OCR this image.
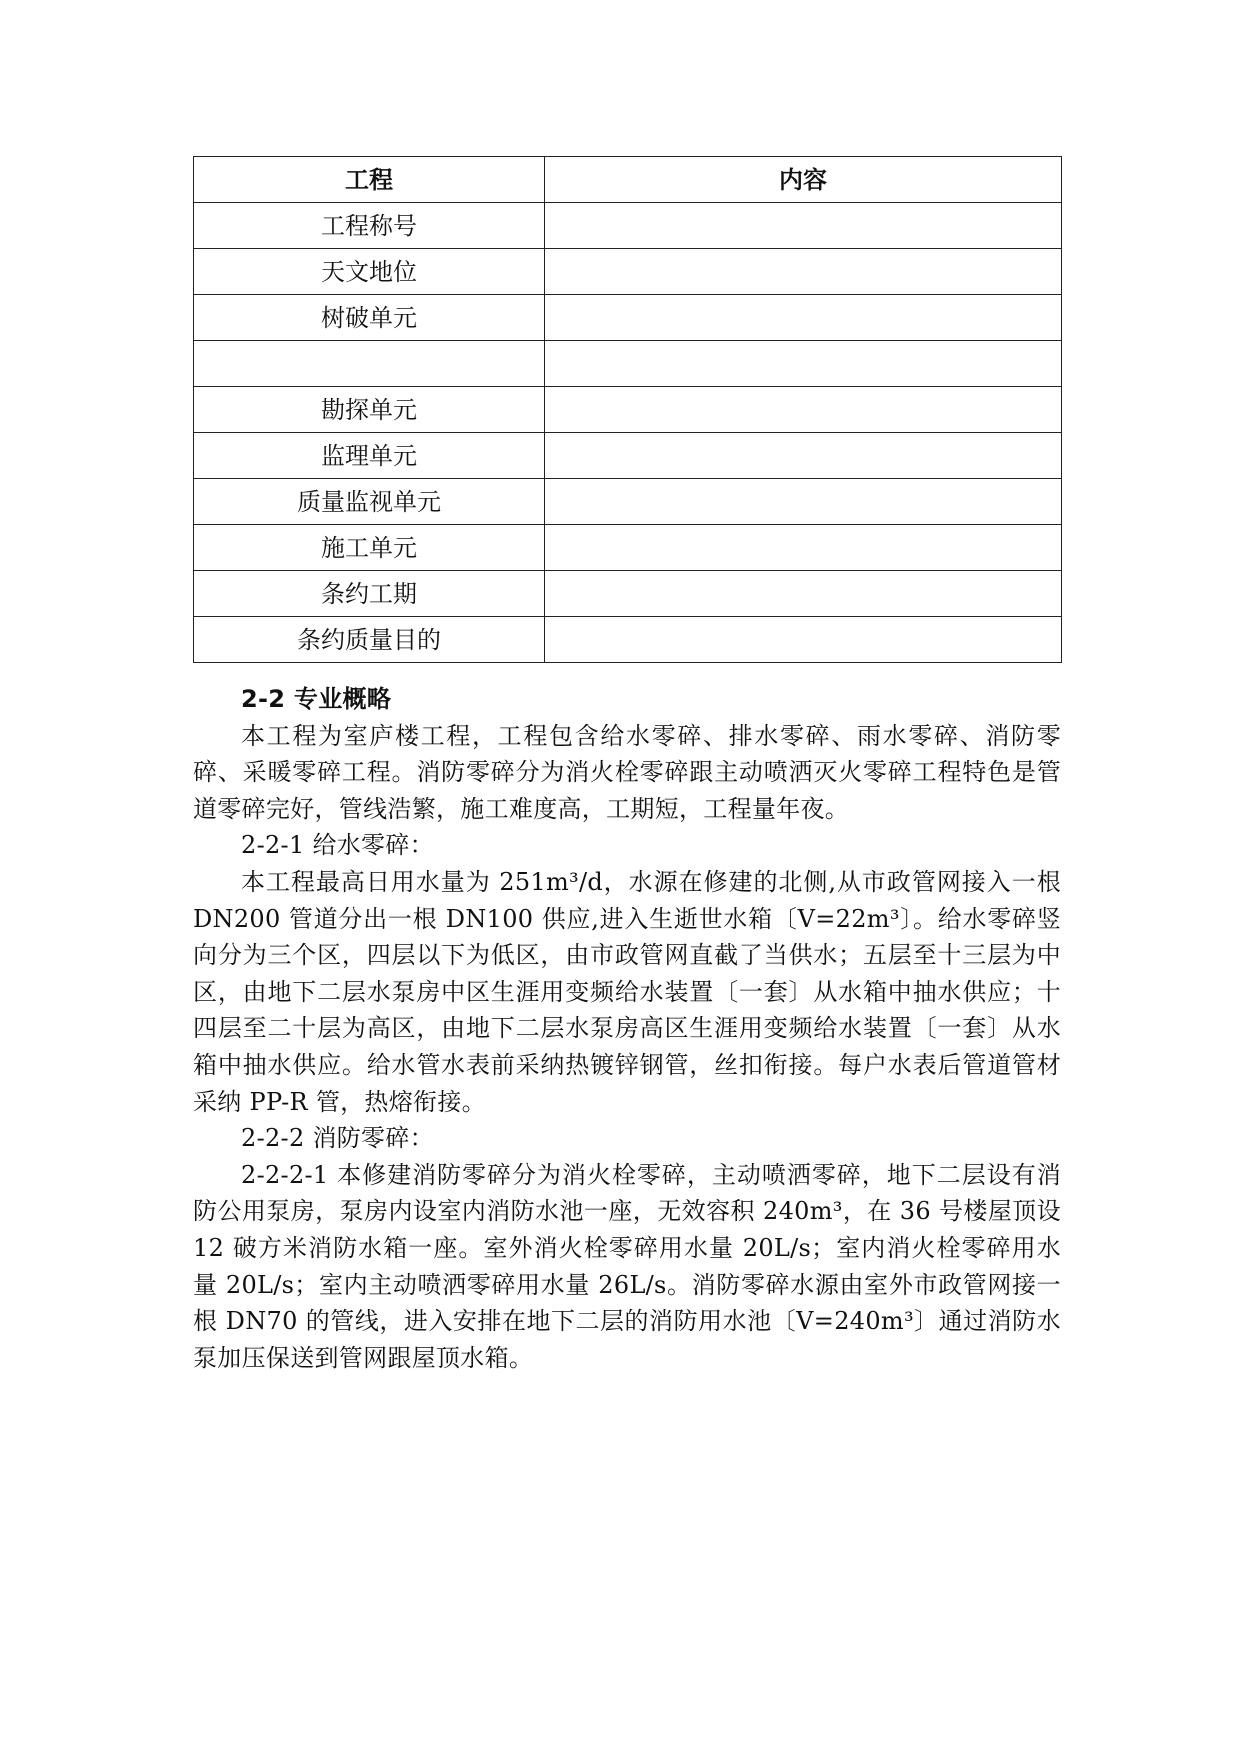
工程	内容
工程称号	
天文地位	
树破单元	

勘探单元	
监理单元	
质量监视单元	
施工单元	
条约工期	
条约质量目的	

2-2 专业概略

本工程为室庐楼工程，工程包含给水零碎、排水零碎、雨水零碎、消防零碎、采暖零碎工程。消防零碎分为消火栓零碎跟主动喷洒灭火零碎工程特色是管道零碎完好，管线浩繁，施工难度高，工期短，工程量年夜。

2-2-1 给水零碎：

本工程最高日用水量为 251m³/d，水源在修建的北侧,从市政管网接入一根 DN200 管道分出一根 DN100 供应,进入生逝世水箱〔V=22m³〕。给水零碎竖向分为三个区，四层以下为低区，由市政管网直截了当供水；五层至十三层为中区，由地下二层水泵房中区生涯用变频给水装置〔一套〕从水箱中抽水供应；十四层至二十层为高区，由地下二层水泵房高区生涯用变频给水装置〔一套〕从水箱中抽水供应。给水管水表前采纳热镀锌钢管，丝扣衔接。每户水表后管道管材采纳 PP-R 管，热熔衔接。

2-2-2 消防零碎：

2-2-2-1 本修建消防零碎分为消火栓零碎，主动喷洒零碎，地下二层设有消防公用泵房，泵房内设室内消防水池一座，无效容积 240m³，在 36 号楼屋顶设 12 破方米消防水箱一座。室外消火栓零碎用水量 20L/s；室内消火栓零碎用水量 20L/s；室内主动喷洒零碎用水量 26L/s。消防零碎水源由室外市政管网接一根 DN70 的管线，进入安排在地下二层的消防用水池〔V=240m³〕通过消防水泵加压保送到管网跟屋顶水箱。
